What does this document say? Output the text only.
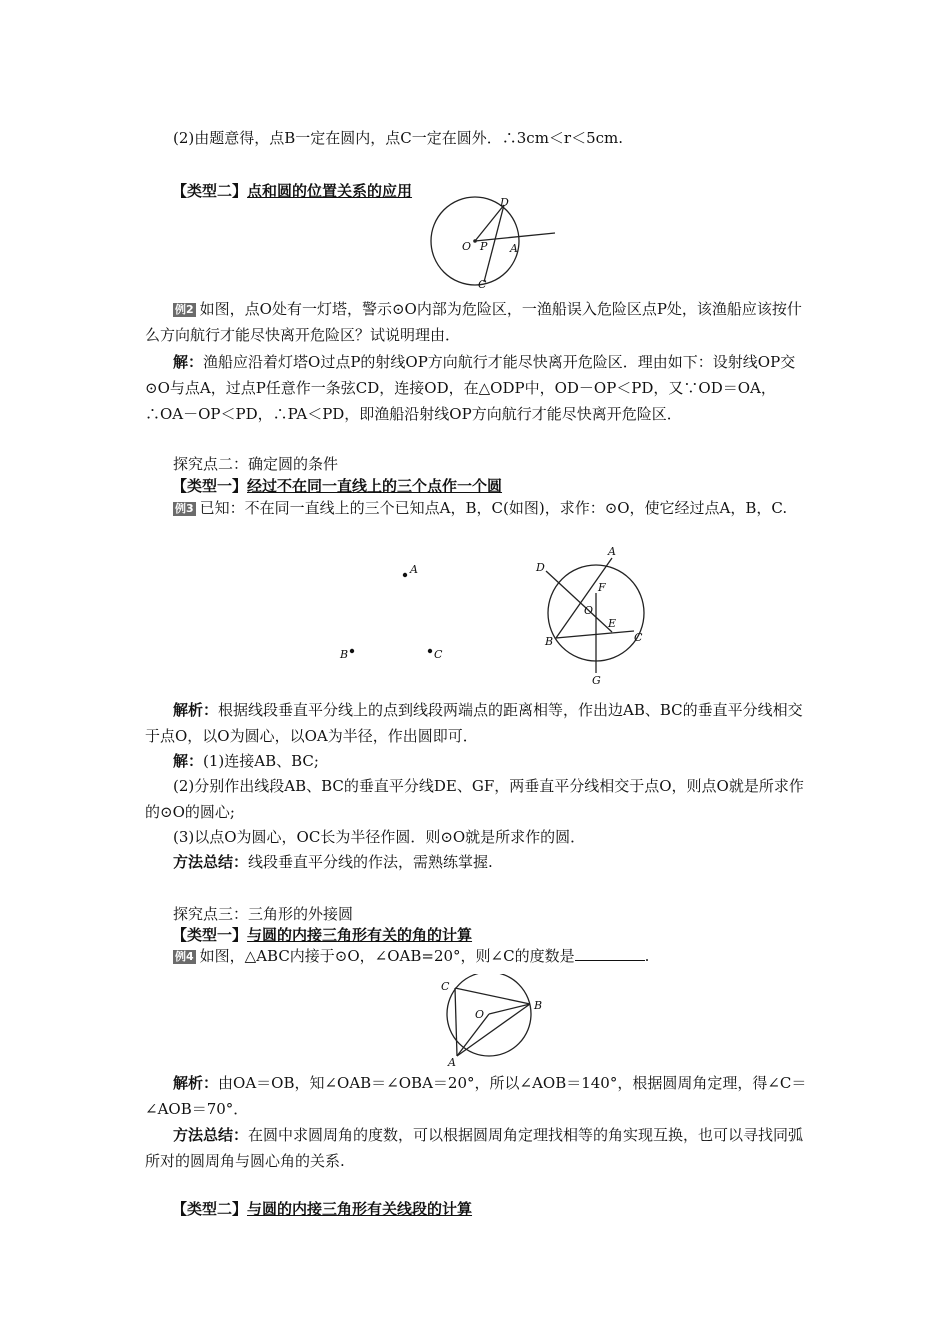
(2)由题意得，点B一定在圆内，点C一定在圆外．∴3cm＜r＜5cm.
【类型二】点和圆的位置关系的应用
D
O P A
C
例2 如图，点O处有一灯塔，警示⊙O内部为危险区，一渔船误入危险区点P处，该渔船应该按什么方向航行才能尽快离开危险区？试说明理由．
解：渔船应沿着灯塔O过点P的射线OP方向航行才能尽快离开危险区．理由如下：设射线OP交⊙O与点A，过点P任意作一条弦CD，连接OD，在△ODP中，OD－OP＜PD，又∵OD＝OA，∴OA－OP＜PD，∴PA＜PD，即渔船沿射线OP方向航行才能尽快离开危险区．
探究点二：确定圆的条件
【类型一】经过不在同一直线上的三个点作一个圆
例3 已知：不在同一直线上的三个已知点A，B，C(如图)，求作：⊙O，使它经过点A，B，C.
A
B	C
D
A
F
O
E
B	C
G
解析：根据线段垂直平分线上的点到线段两端点的距离相等，作出边AB、BC的垂直平分线相交于点O，以O为圆心，以OA为半径，作出圆即可．
解：(1)连接AB、BC;
(2)分别作出线段AB、BC的垂直平分线DE、GF，两垂直平分线相交于点O，则点O就是所求作的⊙O的圆心;
(3)以点O为圆心，OC长为半径作圆．则⊙O就是所求作的圆．
方法总结：线段垂直平分线的作法，需熟练掌握.
探究点三：三角形的外接圆
【类型一】与圆的内接三角形有关的角的计算
例4 如图，△ABC内接于⊙O，∠OAB=20°，则∠C的度数是	.
C
B
O
A
解析：由OA＝OB，知∠OAB＝∠OBA＝20°，所以∠AOB＝140°，根据圆周角定理，得∠C＝∠AOB＝70°．
方法总结：在圆中求圆周角的度数，可以根据圆周角定理找相等的角实现互换，也可以寻找同弧所对的圆周角与圆心角的关系.
【类型二】与圆的内接三角形有关线段的计算
